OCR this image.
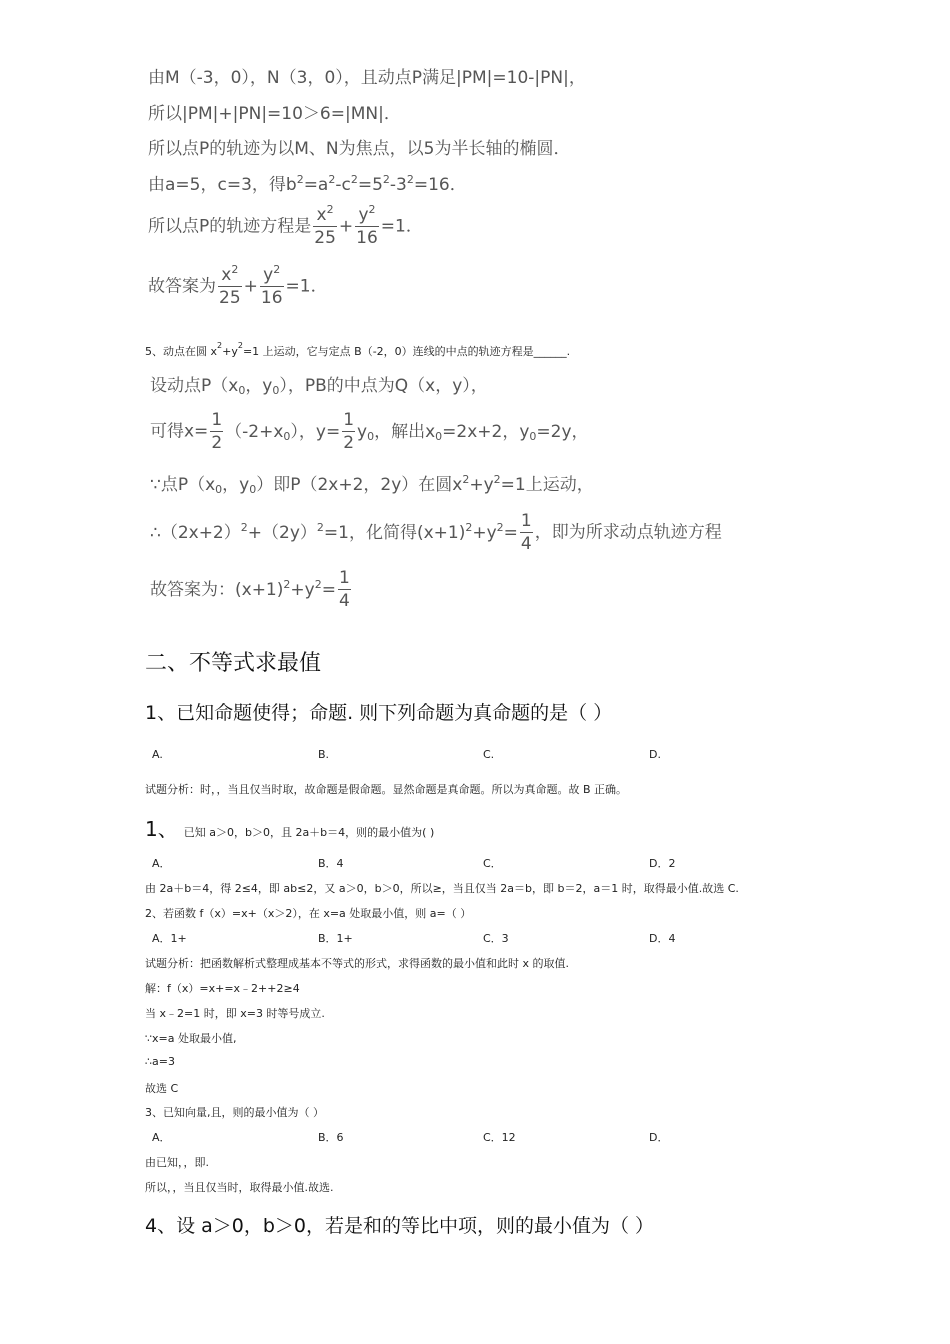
由M（-3，0），N（3，0），且动点P满足|PM|=10-|PN|，
所以|PM|+|PN|=10＞6=|MN|．
所以点P的轨迹为以M、N为焦点，以5为半长轴的椭圆．
由a=5，c=3，得$b^2=a^2-c^2=5^2-3^2=16$．
所以点P的轨迹方程是 $\frac{x^2}{25} + \frac{y^2}{16} =1$．
故答案为 $\frac{x^2}{25} + \frac{y^2}{16} =1$．
5、动点在圆 $x^2+y^2=1$ 上运动，它与定点 B（-2，0）连线的中点的轨迹方程是______.
设动点$P(x_0$，$y_0$），PB的中点为Q（x，y），
可得$x= \frac{1}{2} (-2+x_0)$，$y= \frac{1}{2} y_0$，解出$x_0=2x+2$，$y_0=2y$，
∵点$P(x_0$，$y_0$）即P（2x+2，2y）在圆$x^2+y^2=1$上运动，
$\therefore(2x+2)^2+(2y)^2=1$，化简得$(x+1)^2+y^2= \frac{1}{4}$ ，即为所求动点轨迹方程
故答案为：$(x+1)^2+y^2= \frac{1}{4}$
二、不等式求最值
1、已知命题使得；命题. 则下列命题为真命题的是（ ）
A.	B.	C.	D.
试题分析：时，，当且仅当时取，故命题是假命题。显然命题是真命题。所以为真命题。故 B 正确。
1、 已知 a＞0，b＞0，且 2a＋b＝4，则的最小值为( )
A．	B．4	C．	D．2
由 2a＋b＝4，得 2≤4，即 ab≤2，又 a＞0，b＞0，所以≥，当且仅当 2a＝b，即 b＝2，a＝1 时，取得最小值.故选 C.
2、若函数 f（x）=x+（x＞2），在 x=a 处取最小值，则 a=（ ）
A．1+	B．1+	C．3	D．4
试题分析：把函数解析式整理成基本不等式的形式，求得函数的最小值和此时 x 的取值.
解：f（x）=x+=x﹣2++2≥4
当 x﹣2=1 时，即 x=3 时等号成立.
∵x=a 处取最小值,
∴a=3
故选 C
3、已知向量,且，则的最小值为（ ）
A．	B．6	C．12	D．
由已知，，即.
所以，，当且仅当时，取得最小值.故选.
4、设 a＞0，b＞0，若是和的等比中项，则的最小值为（ ）
